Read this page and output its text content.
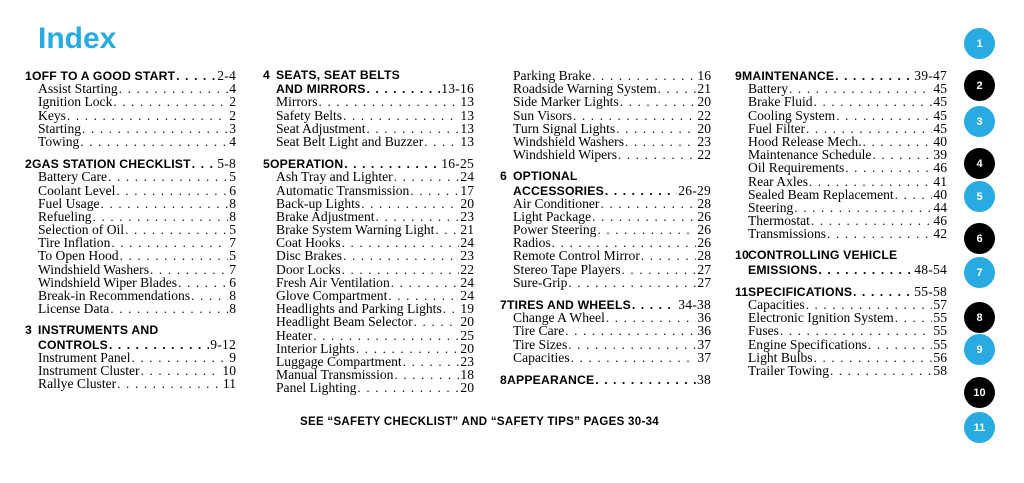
Index
1 OFF TO A GOOD START . . .	2-4
Assist Starting . . .	4
Ignition Lock . . .	2
Keys . . .	2
Starting . . .	3
Towing . . .	4
2 GAS STATION CHECKLIST . . . 5-8
Battery Care . . .	5
Coolant Level . . .	6
Fuel Usage . . .	8
Refueling . . .	8
Selection of Oil . . .	5
Tire Inflation . . .	7
To Open Hood . . .	5
Windshield Washers . . .	7
Windshield Wiper Blades . . .	6
Break-in Recommendations . . .	8
License Data . . .	8
3 INSTRUMENTS AND
CONTROLS . . .	9-12
Instrument Panel . . .	9
Instrument Cluster . . .	10
Rallye Cluster . . .	11
4 SEATS, SEAT BELTS
AND MIRRORS . . .	13-16
Mirrors . . .	13
Safety Belts . . .	13
Seat Adjustment . . .	13
Seat Belt Light and Buzzer . . .	13
5 OPERATION . . .	16-25
Ash Tray and Lighter . . .	24
Automatic Transmission . . .	17
Back-up Lights . . .	20
Brake Adjustment . . .	23
Brake System Warning Light . . . 21
Coat Hooks . . .	24
Disc Brakes . . .	23
Door Locks . . .	22
Fresh Air Ventilation . . .	24
Glove Compartment . . .	24
Headlights and Parking Lights . . . 19
Headlight Beam Selector . . .	20
Heater . . .	25
Interior Lights . . .	20
Luggage Compartment . . .	23
Manual Transmission . . .	18
Panel Lighting . . .	20
Parking Brake . . .	16
Roadside Warning System . . .	21
Side Marker Lights . . .	20
Sun Visors . . .	22
Turn Signal Lights . . .	20
Windshield Washers . . .	23
Windshield Wipers . . .	22
6 OPTIONAL
ACCESSORIES . . .	26-29
Air Conditioner . . .	28
Light Package . . .	26
Power Steering . . .	26
Radios . . .	26
Remote Control Mirror . . .	28
Stereo Tape Players . . .	27
Sure-Grip . . .	27
7 TIRES AND WHEELS . . .	34-38
Change A Wheel . . .	36
Tire Care . . .	36
Tire Sizes . . .	37
Capacities . . .	37
8 APPEARANCE . . .	38
9 MAINTENANCE . . .	39-47
Battery . . .	45
Brake Fluid . . .	45
Cooling System . . .	45
Fuel Filter . . .	45
Hood Release Mech. . . .	40
Maintenance Schedule . . .	39
Oil Requirements . . .	46
Rear Axles . . .	41
Sealed Beam Replacement . . .	40
Steering . . .	44
Thermostat . . .	46
Transmissions . . .	42
10 CONTROLLING VEHICLE
EMISSIONS . . .	48-54
11 SPECIFICATIONS . . .	55-58
Capacities . . .	57
Electronic Ignition System . . .	55
Fuses . . .	55
Engine Specifications . . .	55
Light Bulbs . . .	56
Trailer Towing . . .	58
1
2
3
4
5
6
7
8
9
10
11
SEE “SAFETY CHECKLIST” AND “SAFETY TIPS” PAGES 30-34
